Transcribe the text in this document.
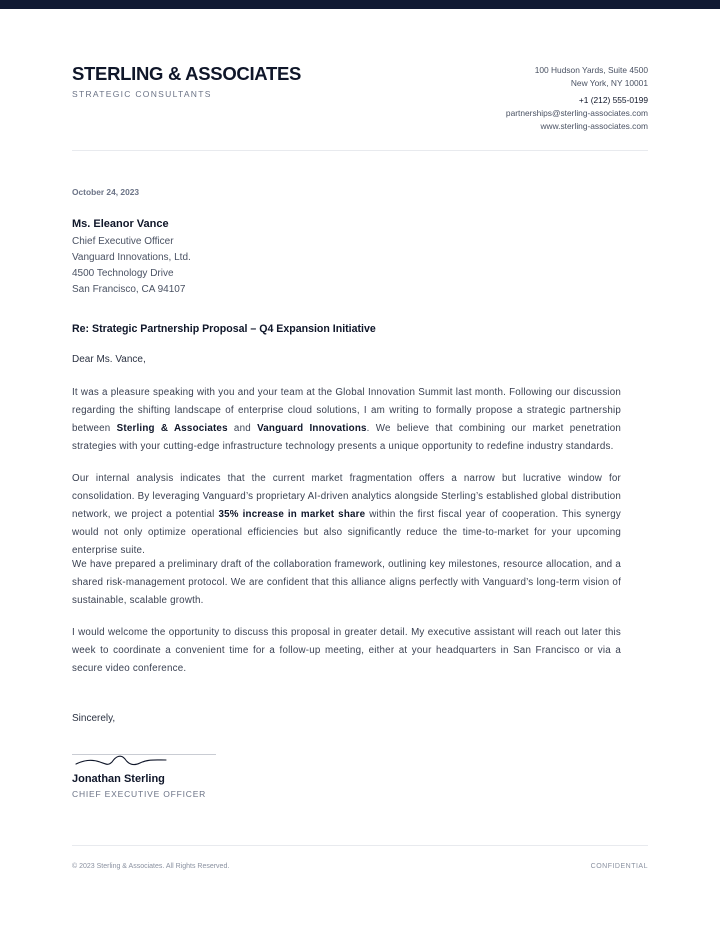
STERLING & ASSOCIATES
STRATEGIC CONSULTANTS
100 Hudson Yards, Suite 4500
New York, NY 10001
+1 (212) 555-0199
partnerships@sterling-associates.com
www.sterling-associates.com
October 24, 2023
Ms. Eleanor Vance
Chief Executive Officer
Vanguard Innovations, Ltd.
4500 Technology Drive
San Francisco, CA 94107
Re: Strategic Partnership Proposal – Q4 Expansion Initiative
Dear Ms. Vance,

It was a pleasure speaking with you and your team at the Global Innovation Summit last month. Following our discussion regarding the shifting landscape of enterprise cloud solutions, I am writing to formally propose a strategic partnership between Sterling & Associates and Vanguard Innovations. We believe that combining our market penetration strategies with your cutting-edge infrastructure technology presents a unique opportunity to redefine industry standards.

Our internal analysis indicates that the current market fragmentation offers a narrow but lucrative window for consolidation. By leveraging Vanguard’s proprietary AI-driven analytics alongside Sterling’s established global distribution network, we project a potential 35% increase in market share within the first fiscal year of cooperation. This synergy would not only optimize operational efficiencies but also significantly reduce the time-to-market for your upcoming enterprise suite.

We have prepared a preliminary draft of the collaboration framework, outlining key milestones, resource allocation, and a shared risk-management protocol. We are confident that this alliance aligns perfectly with Vanguard’s long-term vision of sustainable, scalable growth.

I would welcome the opportunity to discuss this proposal in greater detail. My executive assistant will reach out later this week to coordinate a convenient time for a follow-up meeting, either at your headquarters in San Francisco or via a secure video conference.

Sincerely,
Jonathan Sterling
CHIEF EXECUTIVE OFFICER
© 2023 Sterling & Associates. All Rights Reserved.	CONFIDENTIAL
